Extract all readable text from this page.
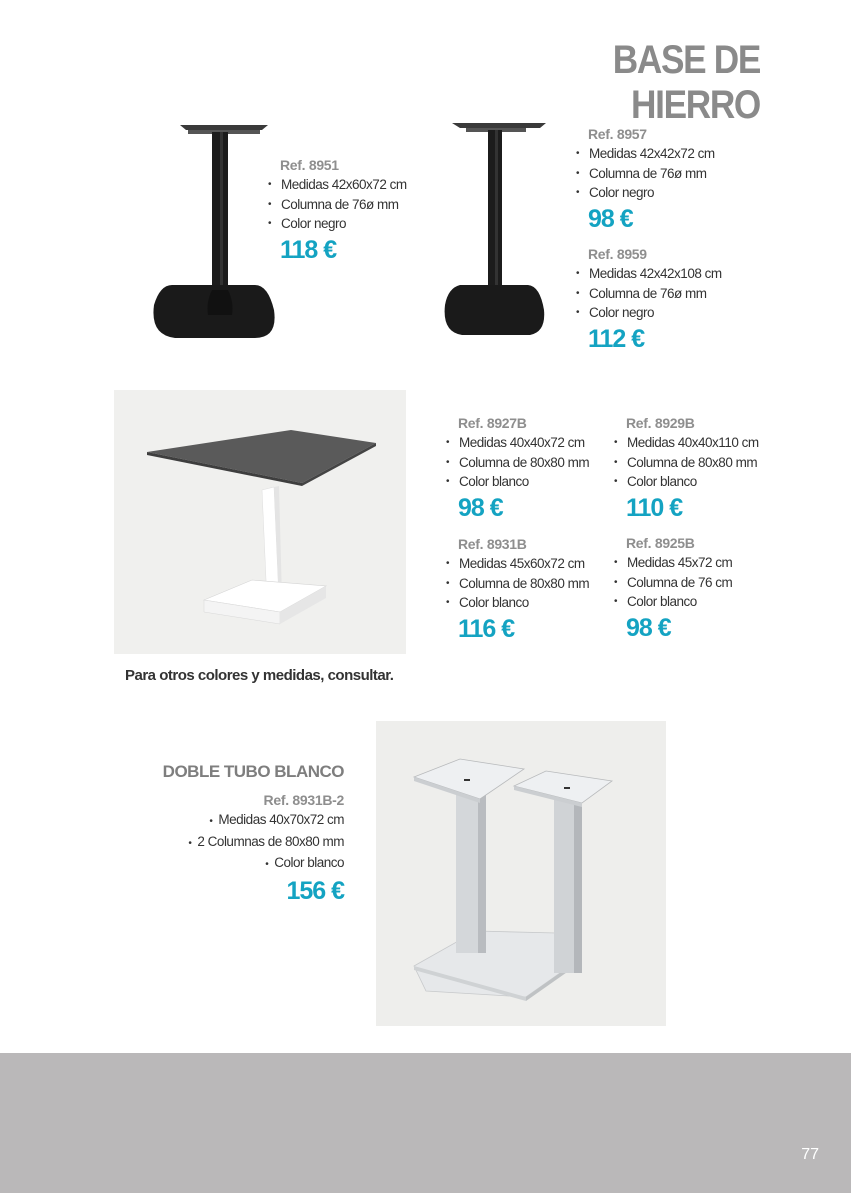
BASE DE HIERRO
Ref. 8951
• Medidas 42x60x72 cm
• Columna de 76ø mm
• Color negro
118 €
Ref. 8957
• Medidas 42x42x72 cm
• Columna de 76ø mm
• Color negro
98 €
Ref. 8959
• Medidas 42x42x108 cm
• Columna de 76ø mm
• Color negro
112 €
Ref. 8927B
• Medidas 40x40x72 cm
• Columna de 80x80 mm
• Color blanco
98 €
Ref. 8929B
• Medidas 40x40x110 cm
• Columna de 80x80 mm
• Color blanco
110 €
Ref. 8931B
• Medidas 45x60x72 cm
• Columna de 80x80 mm
• Color blanco
116 €
Ref. 8925B
• Medidas 45x72 cm
• Columna de 76 cm
• Color blanco
98 €
Para otros colores y medidas, consultar.
DOBLE TUBO BLANCO
Ref. 8931B-2
• Medidas 40x70x72 cm
• 2 Columnas de 80x80 mm
• Color blanco
156 €
77
